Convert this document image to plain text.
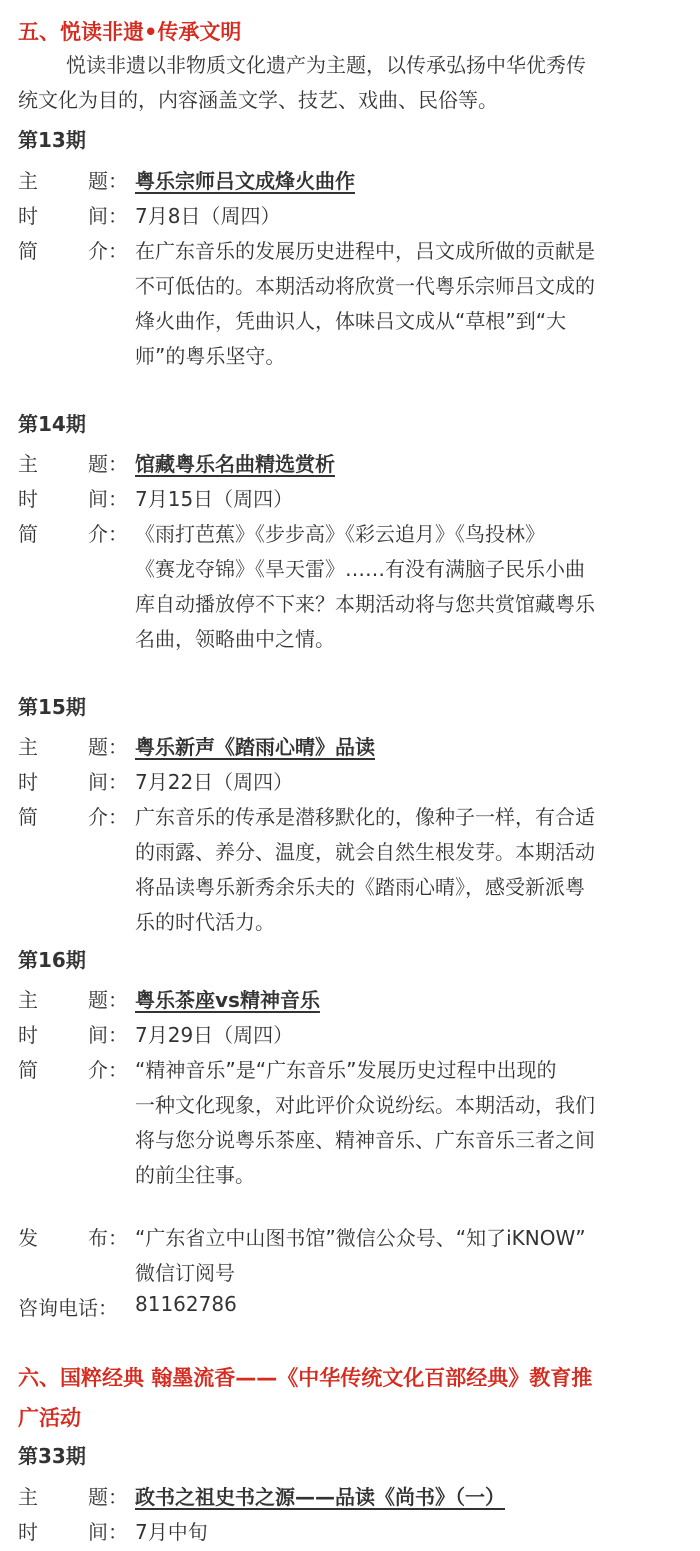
五、悦读非遗•传承文明
悦读非遗以非物质文化遗产为主题，以传承弘扬中华优秀传
统文化为目的，内容涵盖文学、技艺、戏曲、民俗等。
第13期
主	题： 粤乐宗师吕文成烽火曲作
时	间： 7月8日（周四）
简	介： 在广东音乐的发展历史进程中，吕文成所做的贡献是
不可低估的。本期活动将欣赏一代粤乐宗师吕文成的
烽火曲作，凭曲识人，体味吕文成从“草根”到“大
师”的粤乐坚守。
第14期
主	题： 馆藏粤乐名曲精选赏析
时	间： 7月15日（周四）
简	介： 《雨打芭蕉》《步步高》《彩云追月》《鸟投林》
《赛龙夺锦》《旱天雷》……有没有满脑子民乐小曲
库自动播放停不下来？本期活动将与您共赏馆藏粤乐
名曲，领略曲中之情。
第15期
主	题： 粤乐新声《踏雨心晴》品读
时	间： 7月22日（周四）
简	介： 广东音乐的传承是潜移默化的，像种子一样，有合适
的雨露、养分、温度，就会自然生根发芽。本期活动
将品读粤乐新秀余乐夫的《踏雨心晴》，感受新派粤
乐的时代活力。
第16期
主	题： 粤乐茶座vs精神音乐
时	间： 7月29日（周四）
简	介： “精神音乐”是“广东音乐”发展历史过程中出现的
一种文化现象，对此评价众说纷纭。本期活动，我们
将与您分说粤乐茶座、精神音乐、广东音乐三者之间
的前尘往事。
发	布： “广东省立中山图书馆”微信公众号、“知了iKNOW”
微信订阅号
咨询电话： 81162786
六、国粹经典 翰墨流香——《中华传统文化百部经典》教育推
广活动
第33期
主	题： 政书之祖史书之源——品读《尚书》（一）
时	间： 7月中旬
